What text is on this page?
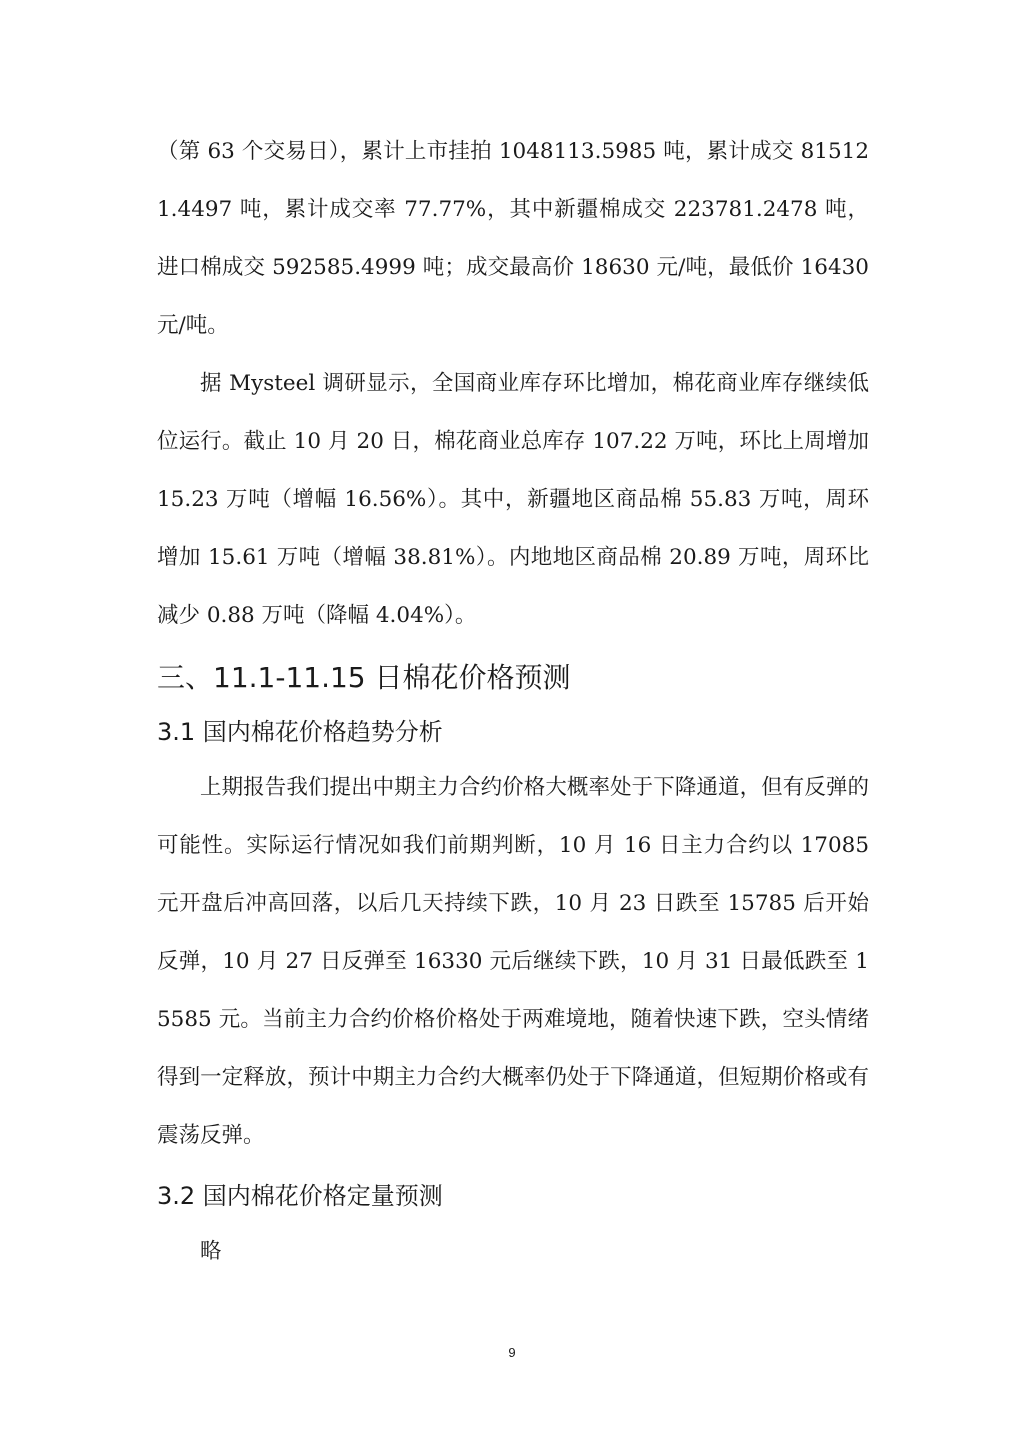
（第 63 个交易日），累计上市挂拍 1048113.5985 吨，累计成交 815121.4497 吨，累计成交率 77.77%，其中新疆棉成交 223781.2478 吨，进口棉成交 592585.4999 吨；成交最高价 18630 元/吨，最低价 16430 元/吨。

据 Mysteel 调研显示，全国商业库存环比增加，棉花商业库存继续低位运行。截止 10 月 20 日，棉花商业总库存 107.22 万吨，环比上周增加 15.23 万吨（增幅 16.56%）。其中，新疆地区商品棉 55.83 万吨，周环增加 15.61 万吨（增幅 38.81%）。内地地区商品棉 20.89 万吨，周环比减少 0.88 万吨（降幅 4.04%）。

三、11.1-11.15 日棉花价格预测
3.1 国内棉花价格趋势分析

上期报告我们提出中期主力合约价格大概率处于下降通道，但有反弹的可能性。实际运行情况如我们前期判断，10 月 16 日主力合约以 17085 元开盘后冲高回落，以后几天持续下跌，10 月 23 日跌至 15785 后开始反弹，10 月 27 日反弹至 16330 元后继续下跌，10 月 31 日最低跌至 15585 元。当前主力合约价格价格处于两难境地，随着快速下跌，空头情绪得到一定释放，预计中期主力合约大概率仍处于下降通道，但短期价格或有震荡反弹。

3.2 国内棉花价格定量预测

略

9
